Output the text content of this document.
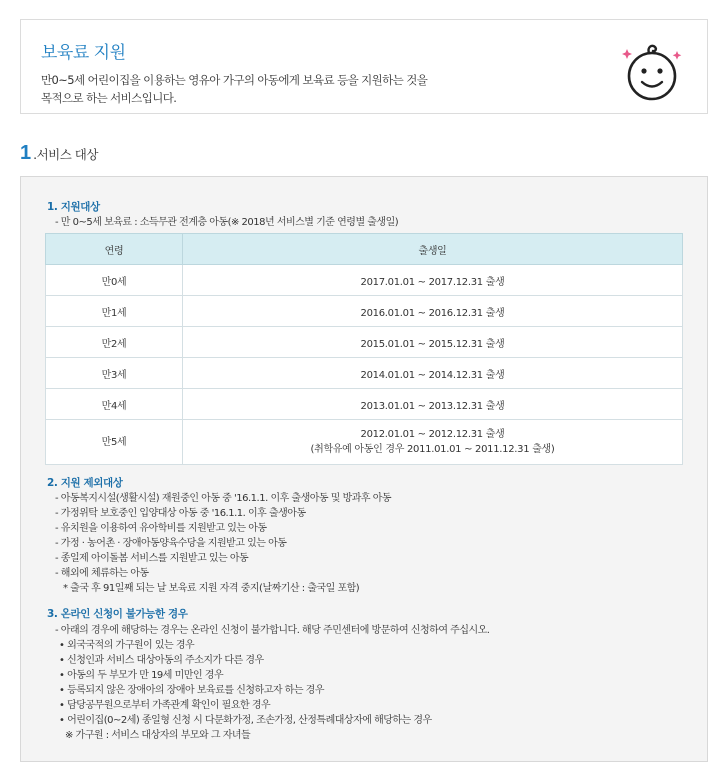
보육료 지원
만0~5세 어린이집을 이용하는 영유아 가구의 아동에게 보육료 등을 지원하는 것을
목적으로 하는 서비스입니다.
1 .서비스 대상
1. 지원대상
- 만 0~5세 보육료 : 소득무관 전계층 아동(※ 2018년 서비스별 기준 연령별 출생일)
연령	출생일
만0세	2017.01.01 ~ 2017.12.31 출생
만1세	2016.01.01 ~ 2016.12.31 출생
만2세	2015.01.01 ~ 2015.12.31 출생
만3세	2014.01.01 ~ 2014.12.31 출생
만4세	2013.01.01 ~ 2013.12.31 출생
만5세	2012.01.01 ~ 2012.12.31 출생
(취학유예 아동인 경우 2011.01.01 ~ 2011.12.31 출생)
2. 지원 제외대상
- 아동복지시설(생활시설) 재원중인 아동 중 '16.1.1. 이후 출생아동 및 방과후 아동
- 가정위탁 보호중인 입양대상 아동 중 '16.1.1. 이후 출생아동
- 유치원을 이용하여 유아학비를 지원받고 있는 아동
- 가정 · 농어촌 · 장애아동양육수당을 지원받고 있는 아동
- 종일제 아이돌봄 서비스를 지원받고 있는 아동
- 해외에 체류하는 아동
* 출국 후 91일째 되는 날 보육료 지원 자격 중지(날짜기산 : 출국일 포함)
3. 온라인 신청이 불가능한 경우
- 아래의 경우에 해당하는 경우는 온라인 신청이 불가합니다. 해당 주민센터에 방문하여 신청하여 주십시오.
• 외국국적의 가구원이 있는 경우
• 신청인과 서비스 대상아동의 주소지가 다른 경우
• 아동의 두 부모가 만 19세 미만인 경우
• 등록되지 않은 장애아의 장애아 보육료를 신청하고자 하는 경우
• 담당공무원으로부터 가족관계 확인이 필요한 경우
• 어린이집(0~2세) 종일형 신청 시 다문화가정, 조손가정, 산정특례대상자에 해당하는 경우
※ 가구원 : 서비스 대상자의 부모와 그 자녀들
